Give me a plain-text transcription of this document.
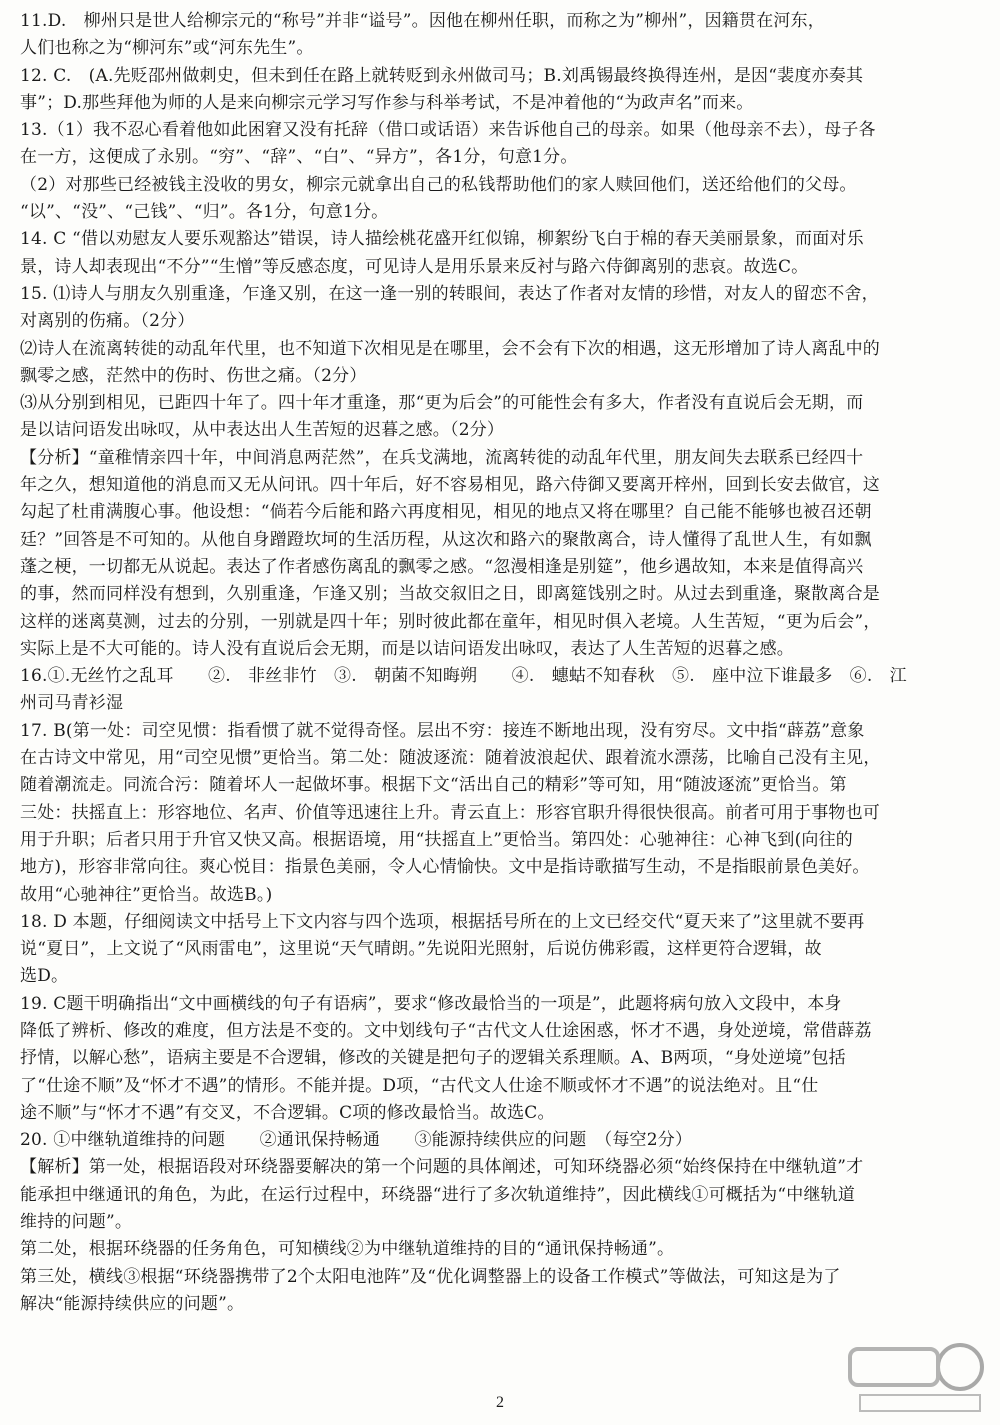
11.D.　柳州只是世人给柳宗元的“称号”并非“谥号”。因他在柳州任职，而称之为”柳州”，因籍贯在河东，
人们也称之为“柳河东”或“河东先生”。
12. C.　(A.先贬邵州做刺史，但未到任在路上就转贬到永州做司马；B.刘禹锡最终换得连州，是因“裴度亦奏其
事”；D.那些拜他为师的人是来向柳宗元学习写作参与科举考试，不是冲着他的“为政声名”而来。
13.（1）我不忍心看着他如此困窘又没有托辞（借口或话语）来告诉他自己的母亲。如果（他母亲不去），母子各
在一方，这便成了永别。“穷”、“辞”、“白”、“异方”，各1分，句意1分。
（2）对那些已经被钱主没收的男女，柳宗元就拿出自己的私钱帮助他们的家人赎回他们，送还给他们的父母。
“以”、“没”、“己钱”、“归”。各1分，句意1分。
14. C “借以劝慰友人要乐观豁达”错误，诗人描绘桃花盛开红似锦，柳絮纷飞白于棉的春天美丽景象，而面对乐
景，诗人却表现出“不分”“生憎”等反感态度，可见诗人是用乐景来反衬与路六侍御离别的悲哀。故选C。
15. ⑴诗人与朋友久别重逢，乍逢又别，在这一逢一别的转眼间，表达了作者对友情的珍惜，对友人的留恋不舍，
对离别的伤痛。（2分）
⑵诗人在流离转徙的动乱年代里，也不知道下次相见是在哪里，会不会有下次的相遇，这无形增加了诗人离乱中的
飘零之感，茫然中的伤时、伤世之痛。（2分）
⑶从分别到相见，已距四十年了。四十年才重逢，那“更为后会”的可能性会有多大，作者没有直说后会无期，而
是以诘问语发出咏叹，从中表达出人生苦短的迟暮之感。（2分）
【分析】“童稚情亲四十年，中间消息两茫然”，在兵戈满地，流离转徙的动乱年代里，朋友间失去联系已经四十
年之久，想知道他的消息而又无从问讯。四十年后，好不容易相见，路六侍御又要离开梓州，回到长安去做官，这
勾起了杜甫满腹心事。他设想：“倘若今后能和路六再度相见，相见的地点又将在哪里？自己能不能够也被召还朝
廷？”回答是不可知的。从他自身蹭蹬坎坷的生活历程，从这次和路六的聚散离合，诗人懂得了乱世人生，有如飘
蓬之梗，一切都无从说起。表达了作者感伤离乱的飘零之感。“忽漫相逢是别筵”，他乡遇故知，本来是值得高兴
的事，然而同样没有想到，久别重逢，乍逢又别；当故交叙旧之日，即离筵饯别之时。从过去到重逢，聚散离合是
这样的迷离莫测，过去的分别，一别就是四十年；别时彼此都在童年，相见时俱入老境。人生苦短，“更为后会”，
实际上是不大可能的。诗人没有直说后会无期，而是以诘问语发出咏叹，表达了人生苦短的迟暮之感。
16.①.无丝竹之乱耳　　②.　非丝非竹　③.　朝菌不知晦朔　　④.　蟪蛄不知春秋　⑤.　座中泣下谁最多　⑥.　江
州司马青衫湿
17. B(第一处：司空见惯：指看惯了就不觉得奇怪。层出不穷：接连不断地出现，没有穷尽。文中指“薜荔”意象
在古诗文中常见，用“司空见惯”更恰当。第二处：随波逐流：随着波浪起伏、跟着流水漂荡，比喻自己没有主见，
随着潮流走。同流合污：随着坏人一起做坏事。根据下文“活出自己的精彩”等可知，用“随波逐流”更恰当。第
三处：扶摇直上：形容地位、名声、价值等迅速往上升。青云直上：形容官职升得很快很高。前者可用于事物也可
用于升职；后者只用于升官又快又高。根据语境，用“扶摇直上”更恰当。第四处：心驰神往：心神飞到(向往的
地方)，形容非常向往。爽心悦目：指景色美丽，令人心情愉快。文中是指诗歌描写生动，不是指眼前景色美好。
故用“心驰神往”更恰当。故选B。)
18. D 本题，仔细阅读文中括号上下文内容与四个选项，根据括号所在的上文已经交代“夏天来了”这里就不要再
说“夏日”，上文说了“风雨雷电”，这里说“天气晴朗。”先说阳光照射，后说仿佛彩霞，这样更符合逻辑，故
选D。
19. C题干明确指出“文中画横线的句子有语病”，要求“修改最恰当的一项是”，此题将病句放入文段中，本身
降低了辨析、修改的难度，但方法是不变的。文中划线句子“古代文人仕途困惑，怀才不遇，身处逆境，常借薜荔
抒情，以解心愁”，语病主要是不合逻辑，修改的关键是把句子的逻辑关系理顺。A、B两项，“身处逆境”包括
了“仕途不顺”及“怀才不遇”的情形。不能并提。D项，“古代文人仕途不顺或怀才不遇”的说法绝对。且“仕
途不顺”与“怀才不遇”有交叉，不合逻辑。C项的修改最恰当。故选C。
20. ①中继轨道维持的问题　　②通讯保持畅通　　③能源持续供应的问题　（每空2分）
【解析】第一处，根据语段对环绕器要解决的第一个问题的具体阐述，可知环绕器必须“始终保持在中继轨道”才
能承担中继通讯的角色，为此，在运行过程中，环绕器“进行了多次轨道维持”，因此横线①可概括为“中继轨道
维持的问题”。
第二处，根据环绕器的任务角色，可知横线②为中继轨道维持的目的“通讯保持畅通”。
第三处，横线③根据“环绕器携带了2个太阳电池阵”及“优化调整器上的设备工作模式”等做法，可知这是为了
解决“能源持续供应的问题”。
2
